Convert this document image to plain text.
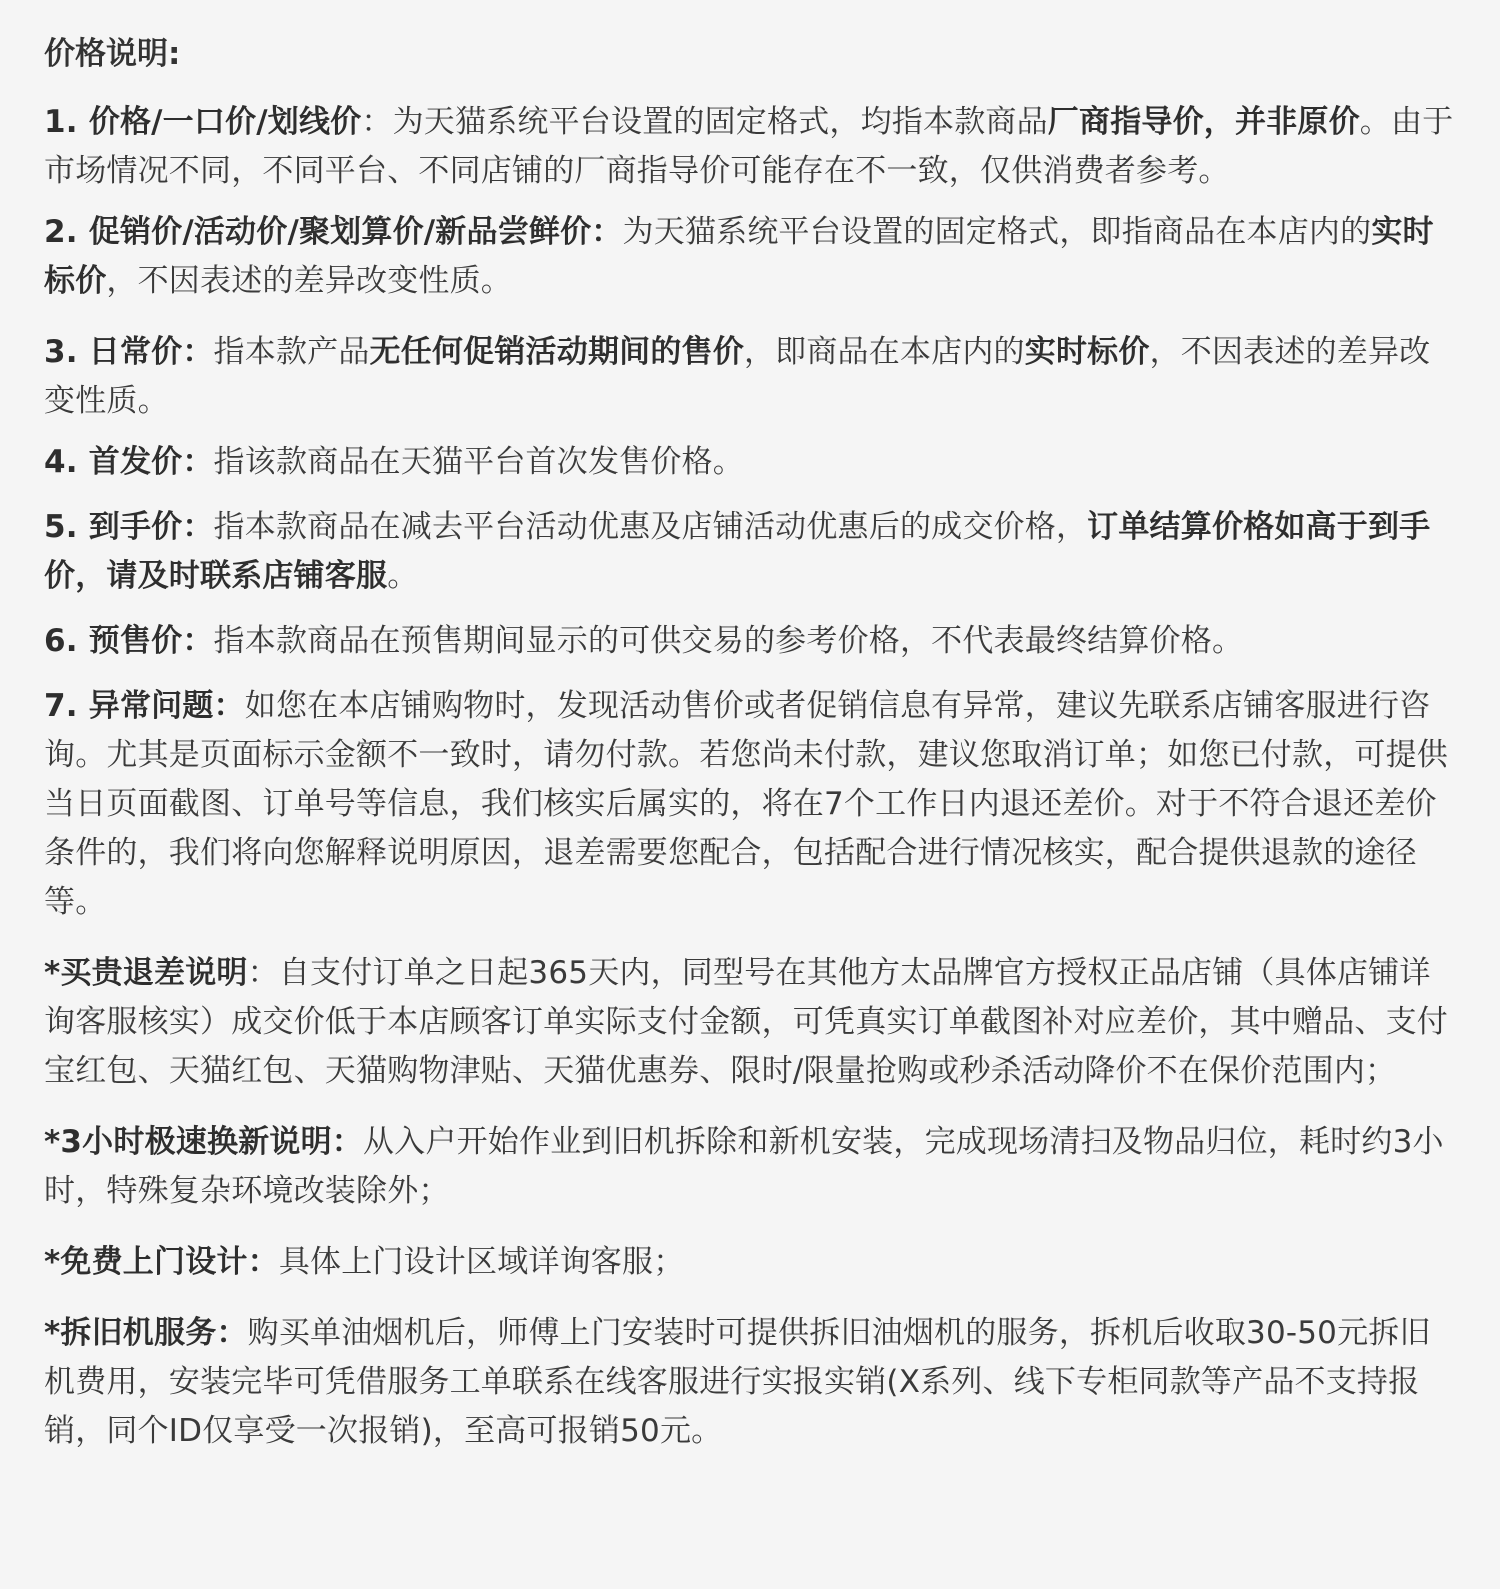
价格说明:

1. 价格/一口价/划线价：为天猫系统平台设置的固定格式，均指本款商品厂商指导价，并非原价。由于市场情况不同，不同平台、不同店铺的厂商指导价可能存在不一致，仅供消费者参考。

2. 促销价/活动价/聚划算价/新品尝鲜价：为天猫系统平台设置的固定格式，即指商品在本店内的实时标价，不因表述的差异改变性质。

3. 日常价：指本款产品无任何促销活动期间的售价，即商品在本店内的实时标价，不因表述的差异改变性质。

4. 首发价：指该款商品在天猫平台首次发售价格。

5. 到手价：指本款商品在减去平台活动优惠及店铺活动优惠后的成交价格，订单结算价格如高于到手价，请及时联系店铺客服。

6. 预售价：指本款商品在预售期间显示的可供交易的参考价格，不代表最终结算价格。

7. 异常问题：如您在本店铺购物时，发现活动售价或者促销信息有异常，建议先联系店铺客服进行咨询。尤其是页面标示金额不一致时，请勿付款。若您尚未付款，建议您取消订单；如您已付款，可提供当日页面截图、订单号等信息，我们核实后属实的，将在7个工作日内退还差价。对于不符合退还差价条件的，我们将向您解释说明原因，退差需要您配合，包括配合进行情况核实，配合提供退款的途径等。

*买贵退差说明：自支付订单之日起365天内，同型号在其他方太品牌官方授权正品店铺（具体店铺详询客服核实）成交价低于本店顾客订单实际支付金额，可凭真实订单截图补对应差价，其中赠品、支付宝红包、天猫红包、天猫购物津贴、天猫优惠券、限时/限量抢购或秒杀活动降价不在保价范围内；

*3小时极速换新说明：从入户开始作业到旧机拆除和新机安装，完成现场清扫及物品归位，耗时约3小时，特殊复杂环境改装除外；

*免费上门设计：具体上门设计区域详询客服；

*拆旧机服务：购买单油烟机后，师傅上门安装时可提供拆旧油烟机的服务，拆机后收取30-50元拆旧机费用，安装完毕可凭借服务工单联系在线客服进行实报实销(X系列、线下专柜同款等产品不支持报销，同个ID仅享受一次报销)，至高可报销50元。
